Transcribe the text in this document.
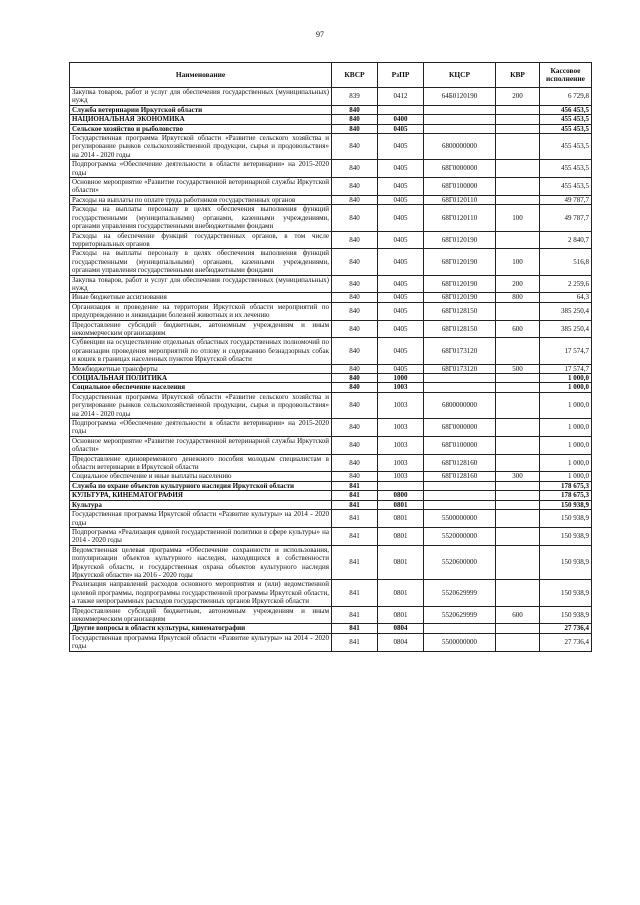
97
Наименование	КВСР	РзПР	КЦСР	КВР	Кассовое исполнение
Закупка товаров, работ и услуг для обеспечения государственных (муниципальных) нужд	839	0412	64Б0120190	200	6 729,8
Служба ветеринарии Иркутской области	840				456 453,5
НАЦИОНАЛЬНАЯ ЭКОНОМИКА	840	0400			455 453,5
Сельское хозяйство и рыболовство	840	0405			455 453,5
Государственная программа Иркутской области «Развитие сельского хозяйства и регулирование рынков сельскохозяйственной продукции, сырья и продовольствия» на 2014 - 2020 годы	840	0405	6800000000		455 453,5
Подпрограмма «Обеспечение деятельности в области ветеринарии» на 2015-2020 годы	840	0405	68Г0000000		455 453,5
Основное мероприятие «Развитие государственной ветеринарной службы Иркутской области»	840	0405	68Г0100000		455 453,5
Расходы на выплаты по оплате труда работников государственных органов	840	0405	68Г0120110		49 787,7
Расходы на выплаты персоналу в целях обеспечения выполнения функций государственными (муниципальными) органами, казенными учреждениями, органами управления государственными внебюджетными фондами	840	0405	68Г0120110	100	49 787,7
Расходы на обеспечение функций государственных органов, в том числе территориальных органов	840	0405	68Г0120190		2 840,7
Расходы на выплаты персоналу в целях обеспечения выполнения функций государственными (муниципальными) органами, казенными учреждениями, органами управления государственными внебюджетными фондами	840	0405	68Г0120190	100	516,8
Закупка товаров, работ и услуг для обеспечения государственных (муниципальных) нужд	840	0405	68Г0120190	200	2 259,6
Иные бюджетные ассигнования	840	0405	68Г0120190	800	64,3
Организация и проведение на территории Иркутской области мероприятий по предупреждению и ликвидации болезней животных и их лечению	840	0405	68Г0128150		385 250,4
Предоставление субсидий бюджетным, автономным учреждениям и иным некоммерческим организациям	840	0405	68Г0128150	600	385 250,4
Субвенции на осуществление отдельных областных государственных полномочий по организации проведения мероприятий по отлову и содержанию безнадзорных собак и кошек в границах населенных пунктов Иркутской области	840	0405	68Г0173120		17 574,7
Межбюджетные трансферты	840	0405	68Г0173120	500	17 574,7
СОЦИАЛЬНАЯ ПОЛИТИКА	840	1000			1 000,0
Социальное обеспечение населения	840	1003			1 000,0
Государственная программа Иркутской области «Развитие сельского хозяйства и регулирование рынков сельскохозяйственной продукции, сырья и продовольствия» на 2014 - 2020 годы	840	1003	6800000000		1 000,0
Подпрограмма «Обеспечение деятельности в области ветеринарии» на 2015-2020 годы	840	1003	68Г0000000		1 000,0
Основное мероприятие «Развитие государственной ветеринарной службы Иркутской области»	840	1003	68Г0100000		1 000,0
Предоставление единовременного денежного пособия молодым специалистам в области ветеринарии в Иркутской области	840	1003	68Г0128160		1 000,0
Социальное обеспечение и иные выплаты населению	840	1003	68Г0128160	300	1 000,0
Служба по охране объектов культурного наследия Иркутской области	841				178 675,3
КУЛЬТУРА, КИНЕМАТОГРАФИЯ	841	0800			178 675,3
Культура	841	0801			150 938,9
Государственная программа Иркутской области «Развитие культуры» на 2014 - 2020 годы	841	0801	5500000000		150 938,9
Подпрограмма «Реализация единой государственной политики в сфере культуры» на 2014 - 2020 годы	841	0801	5520000000		150 938,9
Ведомственная целевая программа «Обеспечение сохранности и использования, популяризации объектов культурного наследия, находящихся в собственности Иркутской области, и государственная охрана объектов культурного наследия Иркутской области» на 2016 - 2020 годы	841	0801	5520600000		150 938,9
Реализация направлений расходов основного мероприятия и (или) ведомственной целевой программы, подпрограммы государственной программы Иркутской области, а также непрограммных расходов государственных органов Иркутской области	841	0801	5520629999		150 938,9
Предоставление субсидий бюджетным, автономным учреждениям и иным некоммерческим организациям	841	0801	5520629999	600	150 938,9
Другие вопросы в области культуры, кинематографии	841	0804			27 736,4
Государственная программа Иркутской области «Развитие культуры» на 2014 - 2020 годы	841	0804	5500000000		27 736,4
